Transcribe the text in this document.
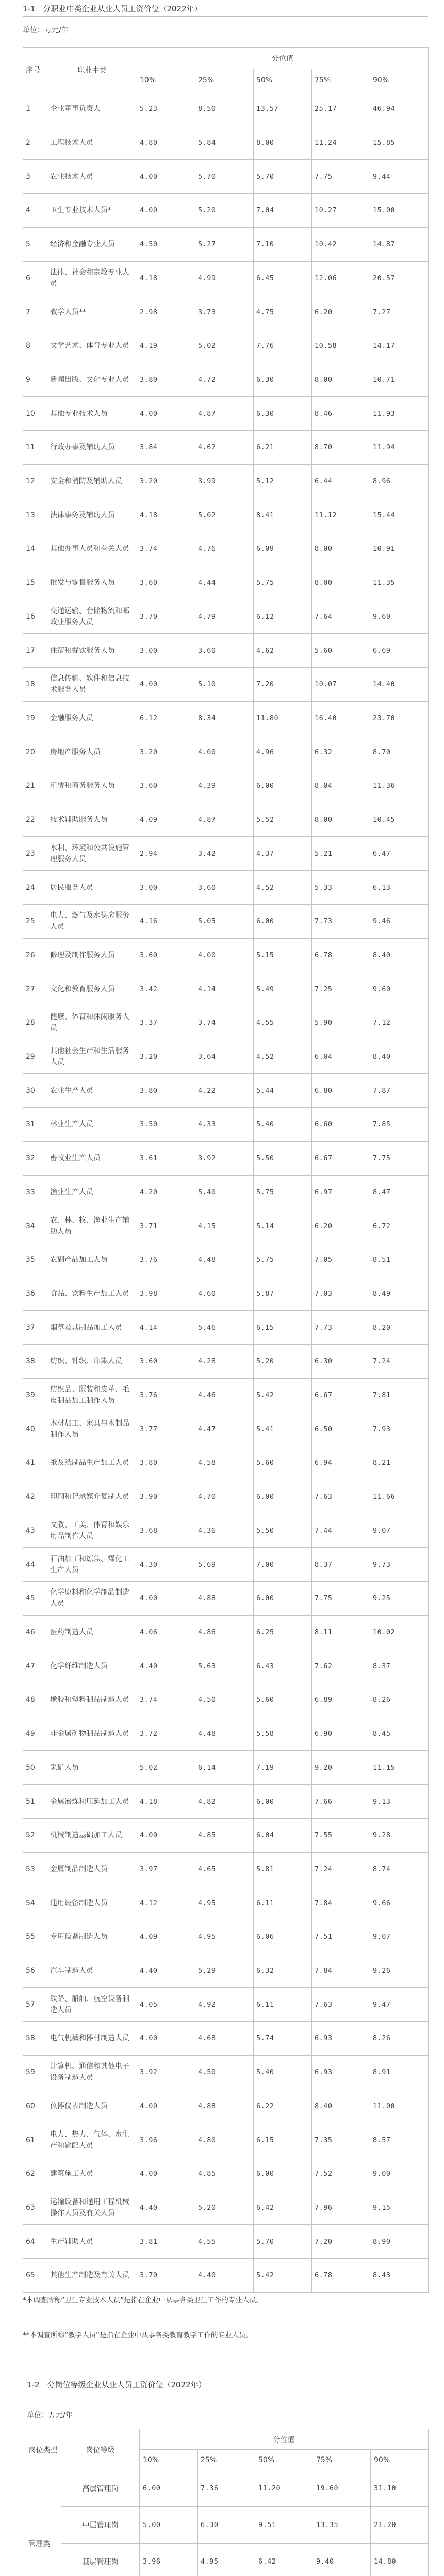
1-1　分职业中类企业从业人员工资价位（2022年）
单位：万元/年
序号	职业中类	分位值				
		10%	25%	50%	75%	90%
1	企业董事负责人	5.23	8.50	13.57	25.17	46.94
2	工程技术人员	4.80	5.84	8.00	11.24	15.85
3	农业技术人员	4.00	5.70	5.70	7.75	9.44
4	卫生专业技术人员*	4.00	5.20	7.04	10.27	15.00
5	经济和金融专业人员	4.50	5.27	7.10	10.42	14.87
6	法律、社会和宗教专业人员	4.18	4.99	6.45	12.06	20.57
7	教学人员**	2.98	3.73	4.75	6.20	7.27
8	文学艺术、体育专业人员	4.19	5.02	7.76	10.58	14.17
9	新闻出版、文化专业人员	3.80	4.72	6.30	8.00	10.71
10	其他专业技术人员	4.00	4.87	6.30	8.46	11.93
11	行政办事及辅助人员	3.84	4.62	6.21	8.70	11.94
12	安全和消防及辅助人员	3.20	3.99	5.12	6.44	8.96
13	法律事务及辅助人员	4.18	5.02	8.41	11.12	15.44
14	其他办事人员和有关人员	3.74	4.76	6.09	8.00	10.91
15	批发与零售服务人员	3.60	4.44	5.75	8.00	11.35
16	交通运输、仓储物流和邮政业服务人员	3.70	4.79	6.12	7.64	9.60
17	住宿和餐饮服务人员	3.00	3.60	4.62	5.60	6.69
18	信息传输、软件和信息技术服务人员	4.00	5.10	7.20	10.07	14.40
19	金融服务人员	6.12	8.34	11.80	16.40	23.70
20	房地产服务人员	3.20	4.00	4.96	6.32	8.70
21	租赁和商务服务人员	3.60	4.39	6.00	8.04	11.36
22	技术辅助服务人员	4.09	4.87	5.52	8.00	10.45
23	水利、环境和公共设施管理服务人员	2.94	3.42	4.37	5.21	6.47
24	居民服务人员	3.00	3.60	4.52	5.33	6.13
25	电力、燃气及水供应服务人员	4.16	5.05	6.00	7.73	9.46
26	修理及制作服务人员	3.60	4.00	5.15	6.78	8.40
27	文化和教育服务人员	3.42	4.14	5.49	7.25	9.60
28	健康、体育和休闲服务人员	3.37	3.74	4.55	5.90	7.12
29	其他社会生产和生活服务人员	3.20	3.64	4.52	6.04	8.40
30	农业生产人员	3.80	4.22	5.44	6.80	7.87
31	林业生产人员	3.50	4.33	5.40	6.60	7.85
32	畜牧业生产人员	3.61	3.92	5.50	6.67	7.75
33	渔业生产人员	4.20	5.40	5.75	6.97	8.47
34	农、林、牧、渔业生产辅助人员	3.71	4.15	5.14	6.20	6.72
35	农副产品加工人员	3.76	4.48	5.75	7.05	8.51
36	食品、饮料生产加工人员	3.98	4.60	5.87	7.03	8.49
37	烟草及其制品加工人员	4.14	5.46	6.15	7.73	8.20
38	纺织、针织、印染人员	3.60	4.28	5.20	6.30	7.24
39	纺织品、服装和皮革、毛皮制品加工制作人员	3.76	4.46	5.42	6.67	7.81
40	木材加工、家具与木制品制作人员	3.77	4.47	5.41	6.50	7.93
41	纸及纸制品生产加工人员	3.80	4.58	5.60	6.94	8.21
42	印刷和记录媒介复制人员	3.90	4.70	6.00	7.63	11.66
43	文教、工美、体育和娱乐用品制作人员	3.68	4.36	5.50	7.44	9.07
44	石油加工和炼焦、煤化工生产人员	4.30	5.69	7.00	8.37	9.73
45	化学原料和化学制品制造人员	4.00	4.88	6.00	7.75	9.25
46	医药制造人员	4.06	4.86	6.25	8.11	10.02
47	化学纤维制造人员	4.40	5.63	6.43	7.62	8.37
48	橡胶和塑料制品制造人员	3.74	4.50	5.60	6.89	8.26
49	非金属矿物制品制造人员	3.72	4.48	5.58	6.90	8.45
50	采矿人员	5.02	6.14	7.19	9.20	11.15
51	金属冶炼和压延加工人员	4.18	4.82	6.00	7.66	9.13
52	机械制造基础加工人员	4.00	4.85	6.04	7.55	9.28
53	金属制品制造人员	3.97	4.65	5.81	7.24	8.74
54	通用设备制造人员	4.12	4.95	6.11	7.84	9.66
55	专用设备制造人员	4.09	4.95	6.06	7.51	9.07
56	汽车制造人员	4.40	5.29	6.32	7.84	9.26
57	铁路、船舶、航空设备制造人员	4.05	4.92	6.11	7.63	9.47
58	电气机械和器材制造人员	4.00	4.68	5.74	6.93	8.26
59	计算机、通信和其他电子设备制造人员	3.92	4.50	5.40	6.93	8.91
60	仪器仪表制造人员	4.00	4.88	6.22	8.40	11.00
61	电力、热力、气体、水生产和输配人员	3.96	4.80	6.15	7.35	8.57
62	建筑施工人员	4.00	4.85	6.00	7.52	9.00
63	运输设备和通用工程机械操作人员及有关人员	4.40	5.20	6.42	7.96	9.15
64	生产辅助人员	3.81	4.55	5.70	7.20	8.90
65	其他生产制造及有关人员	3.70	4.40	5.42	6.78	8.43
*本调查所称“卫生专业技术人员”是指在企业中从事各类卫生工作的专业人员。
**本调查所称“教学人员”是指在企业中从事各类教育教学工作的专业人员。
1-2　分岗位等级企业从业人员工资价位（2022年）
单位：万元/年
岗位类型	岗位等级	分位值				
		10%	25%	50%	75%	90%
管理类	高层管理岗	6.00	7.36	11.20	19.60	31.10
	中层管理岗	5.00	6.30	9.51	13.35	21.20
	基层管理岗	3.96	4.95	6.42	9.40	14.80
